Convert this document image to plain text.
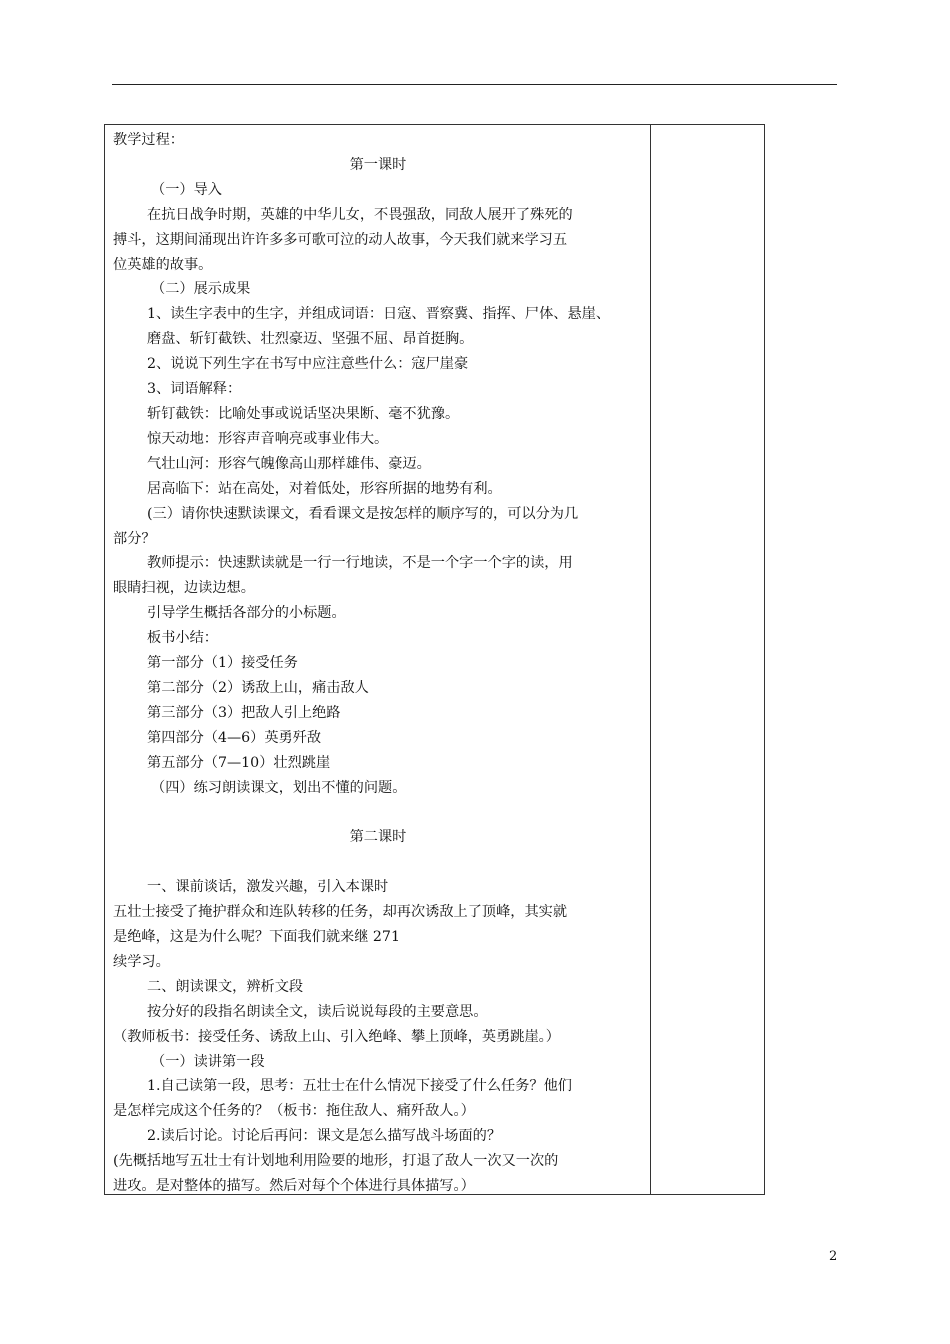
教学过程：

第一课时

（一）导入

在抗日战争时期，英雄的中华儿女，不畏强敌，同敌人展开了殊死的

搏斗，这期间涌现出许许多多可歌可泣的动人故事，今天我们就来学习五

位英雄的故事。

（二）展示成果

1、读生字表中的生字，并组成词语：日寇、晋察冀、指挥、尸体、悬崖、

磨盘、斩钉截铁、壮烈豪迈、坚强不屈、昂首挺胸。

2、说说下列生字在书写中应注意些什么：寇尸崖豪

3、词语解释：

斩钉截铁：比喻处事或说话坚决果断、毫不犹豫。

惊天动地：形容声音响亮或事业伟大。

气壮山河：形容气魄像高山那样雄伟、豪迈。

居高临下：站在高处，对着低处，形容所据的地势有利。

(三）请你快速默读课文，看看课文是按怎样的顺序写的，可以分为几

部分？

教师提示：快速默读就是一行一行地读，不是一个字一个字的读，用

眼睛扫视，边读边想。

引导学生概括各部分的小标题。

板书小结：

第一部分（1）接受任务

第二部分（2）诱敌上山，痛击敌人

第三部分（3）把敌人引上绝路

第四部分（4—6）英勇歼敌

第五部分（7—10）壮烈跳崖

（四）练习朗读课文，划出不懂的问题。

第二课时

一、课前谈话，激发兴趣，引入本课时

五壮士接受了掩护群众和连队转移的任务，却再次诱敌上了顶峰，其实就

是绝峰，这是为什么呢？下面我们就来继 271

续学习。

二、朗读课文，辨析文段

按分好的段指名朗读全文，读后说说每段的主要意思。

（教师板书：接受任务、诱敌上山、引入绝峰、攀上顶峰，英勇跳崖。）

（一）读讲第一段

1.自己读第一段，思考：五壮士在什么情况下接受了什么任务？他们

是怎样完成这个任务的？（板书：拖住敌人、痛歼敌人。）

2.读后讨论。讨论后再问：课文是怎么描写战斗场面的？

(先概括地写五壮士有计划地利用险要的地形，打退了敌人一次又一次的

进攻。是对整体的描写。然后对每个个体进行具体描写。）

2
